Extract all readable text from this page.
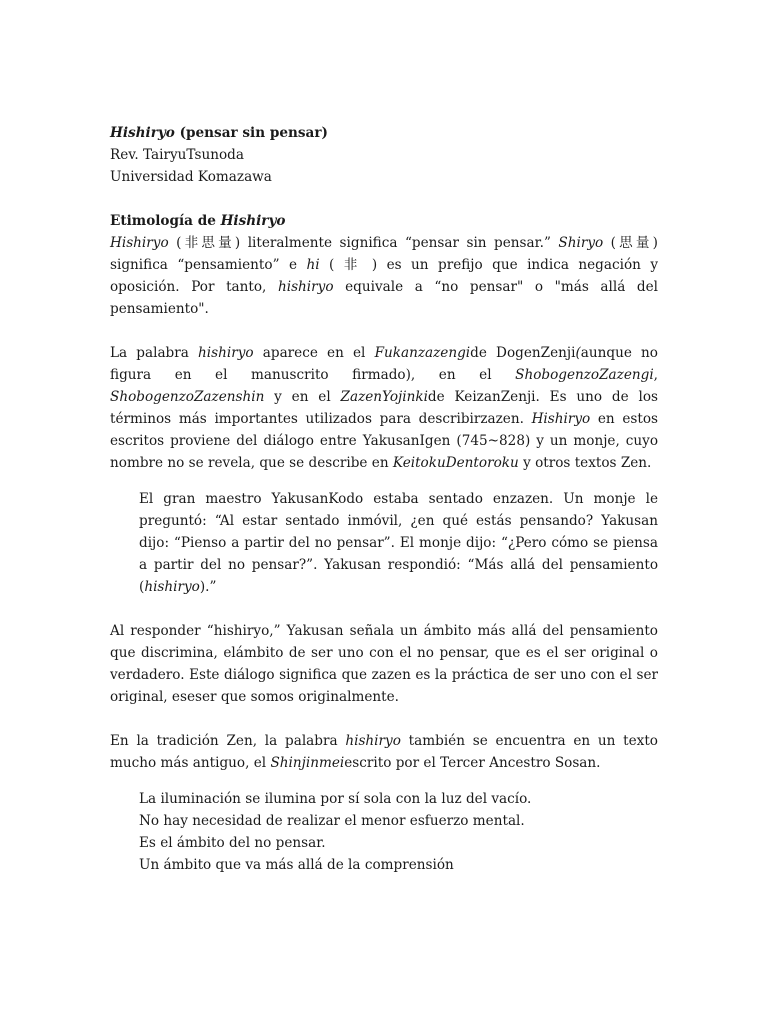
Hishiryo (pensar sin pensar)

Rev. TairyuTsunoda

Universidad Komazawa

Etimología de Hishiryo

Hishiryo (非思量) literalmente significa “pensar sin pensar.” Shiryo (思量) significa “pensamiento” e hi ( 非 ) es un prefijo que indica negación y oposición. Por tanto, hishiryo equivale a “no pensar" o "más allá del pensamiento".

La palabra hishiryo aparece en el Fukanzazengide DogenZenji(aunque no figura en el manuscrito firmado), en el ShobogenzoZazengi, ShobogenzoZazenshin y en el ZazenYojinkide KeizanZenji. Es uno de los términos más importantes utilizados para describirzazen. Hishiryo en estos escritos proviene del diálogo entre YakusanIgen (745~828) y un monje, cuyo nombre no se revela, que se describe en KeitokuDentoroku y otros textos Zen.

El gran maestro YakusanKodo estaba sentado enzazen. Un monje le preguntó: “Al estar sentado inmóvil, ¿en qué estás pensando? Yakusan dijo: “Pienso a partir del no pensar”. El monje dijo: “¿Pero cómo se piensa a partir del no pensar?”. Yakusan respondió: “Más allá del pensamiento (hishiryo).”

Al responder “hishiryo,” Yakusan señala un ámbito más allá del pensamiento que discrimina, elámbito de ser uno con el no pensar, que es el ser original o verdadero. Este diálogo significa que zazen es la práctica de ser uno con el ser original, eseser que somos originalmente.

En la tradición Zen, la palabra hishiryo también se encuentra en un texto mucho más antiguo, el Shinjinmeiescrito por el Tercer Ancestro Sosan.

La iluminación se ilumina por sí sola con la luz del vacío.

No hay necesidad de realizar el menor esfuerzo mental.

Es el ámbito del no pensar.

Un ámbito que va más allá de la comprensión
